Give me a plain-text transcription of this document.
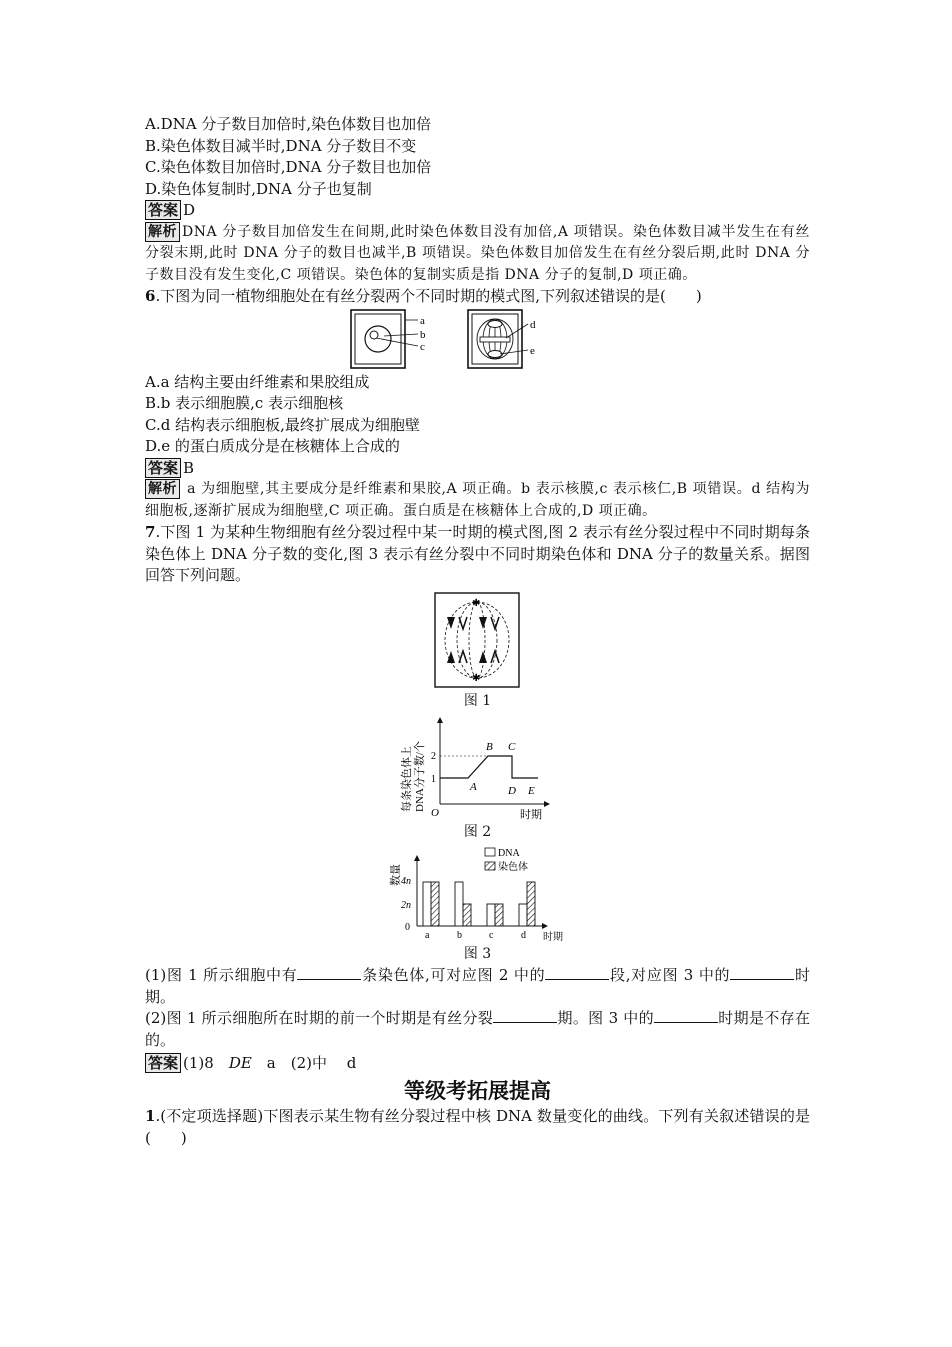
A.DNA 分子数目加倍时,染色体数目也加倍

B.染色体数目减半时,DNA 分子数目不变

C.染色体数目加倍时,DNA 分子数目也加倍

D.染色体复制时,DNA 分子也复制

答案 D

解析 DNA 分子数目加倍发生在间期,此时染色体数目没有加倍,A 项错误。染色体数目减半发生在有丝分裂末期,此时 DNA 分子的数目也减半,B 项错误。染色体数目加倍发生在有丝分裂后期,此时 DNA 分子数目没有发生变化,C 项错误。染色体的复制实质是指 DNA 分子的复制,D 项正确。

6.下图为同一植物细胞处在有丝分裂两个不同时期的模式图,下列叙述错误的是(　　)

a
b
c
d
e

A.a 结构主要由纤维素和果胶组成

B.b 表示细胞膜,c 表示细胞核

C.d 结构表示细胞板,最终扩展成为细胞壁

D.e 的蛋白质成分是在核糖体上合成的

答案 B

解析 a 为细胞壁,其主要成分是纤维素和果胶,A 项正确。b 表示核膜,c 表示核仁,B 项错误。d 结构为细胞板,逐渐扩展成为细胞壁,C 项正确。蛋白质是在核糖体上合成的,D 项正确。

7.下图 1 为某种生物细胞有丝分裂过程中某一时期的模式图,图 2 表示有丝分裂过程中不同时期每条染色体上 DNA 分子数的变化,图 3 表示有丝分裂中不同时期染色体和 DNA 分子的数量关系。据图回答下列问题。

✱
✱

图 1

每条染色体上 DNA分子数/个
O
1
2
A
B C
D E
时期

图 2

DNA
染色体
数量
0
2n
4n
a	b	c	d 时期

图 3

(1)图 1 所示细胞中有	条染色体,可对应图 2 中的	段,对应图 3 中的	时期。

(2)图 1 所示细胞所在时期的前一个时期是有丝分裂	期。图 3 中的	时期是不存在的。

答案 (1)8　DE　a　(2)中　 d

等级考拓展提高

1.(不定项选择题)下图表示某生物有丝分裂过程中核 DNA 数量变化的曲线。下列有关叙述错误的是(　　)
